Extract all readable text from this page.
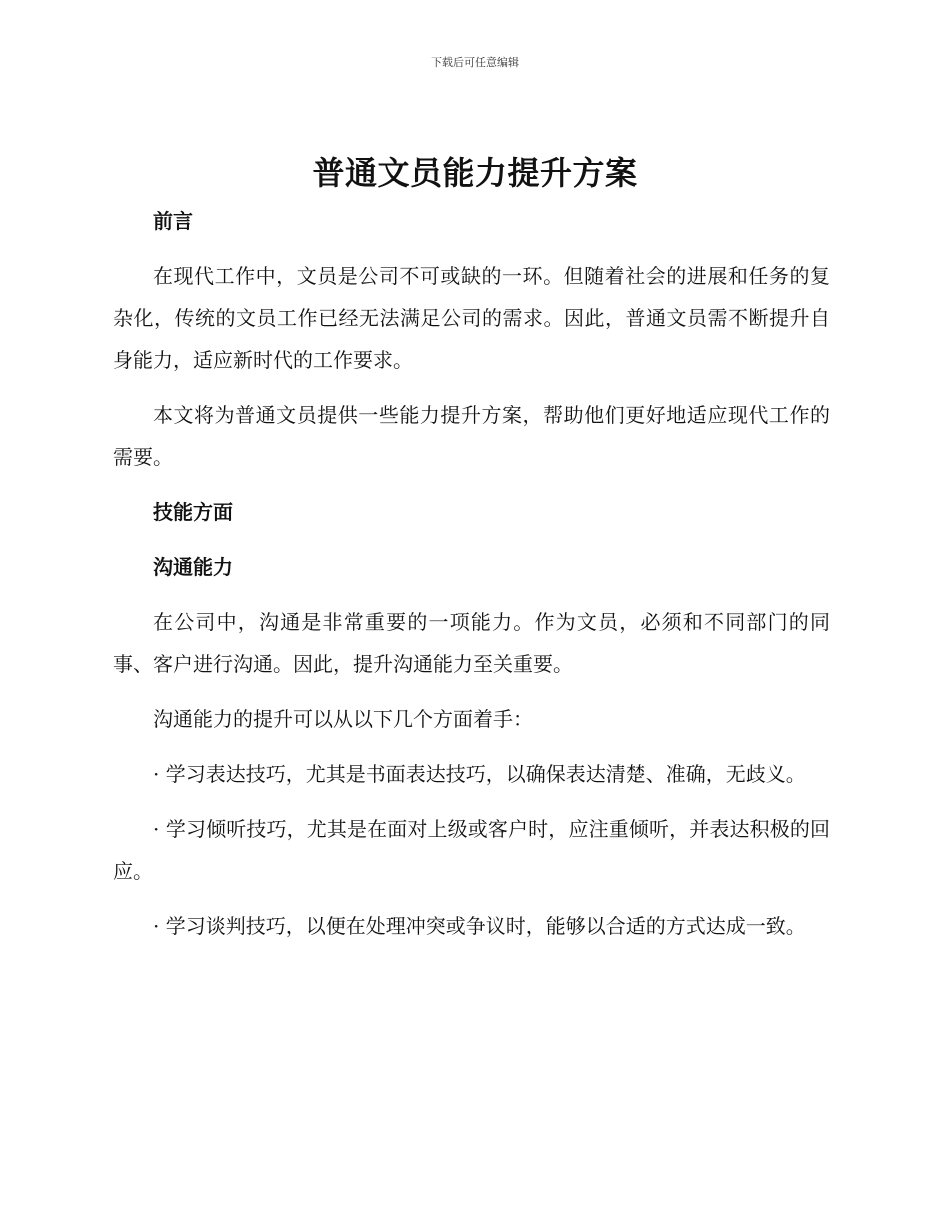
下载后可任意编辑
普通文员能力提升方案
前言

在现代工作中，文员是公司不可或缺的一环。但随着社会的进展和任务的复杂化，传统的文员工作已经无法满足公司的需求。因此，普通文员需不断提升自身能力，适应新时代的工作要求。

本文将为普通文员提供一些能力提升方案，帮助他们更好地适应现代工作的需要。

技能方面
沟通能力

在公司中，沟通是非常重要的一项能力。作为文员，必须和不同部门的同事、客户进行沟通。因此，提升沟通能力至关重要。

沟通能力的提升可以从以下几个方面着手：

· 学习表达技巧，尤其是书面表达技巧，以确保表达清楚、准确，无歧义。

· 学习倾听技巧，尤其是在面对上级或客户时，应注重倾听，并表达积极的回应。

· 学习谈判技巧，以便在处理冲突或争议时，能够以合适的方式达成一致。
